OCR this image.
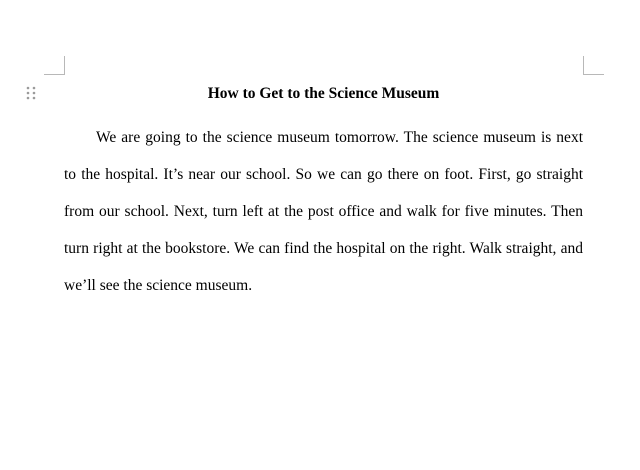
How to Get to the Science Museum

We are going to the science museum tomorrow. The science museum is next to the hospital. It’s near our school. So we can go there on foot. First, go straight from our school. Next, turn left at the post office and walk for five minutes. Then turn right at the bookstore. We can find the hospital on the right. Walk straight, and we’ll see the science museum.
